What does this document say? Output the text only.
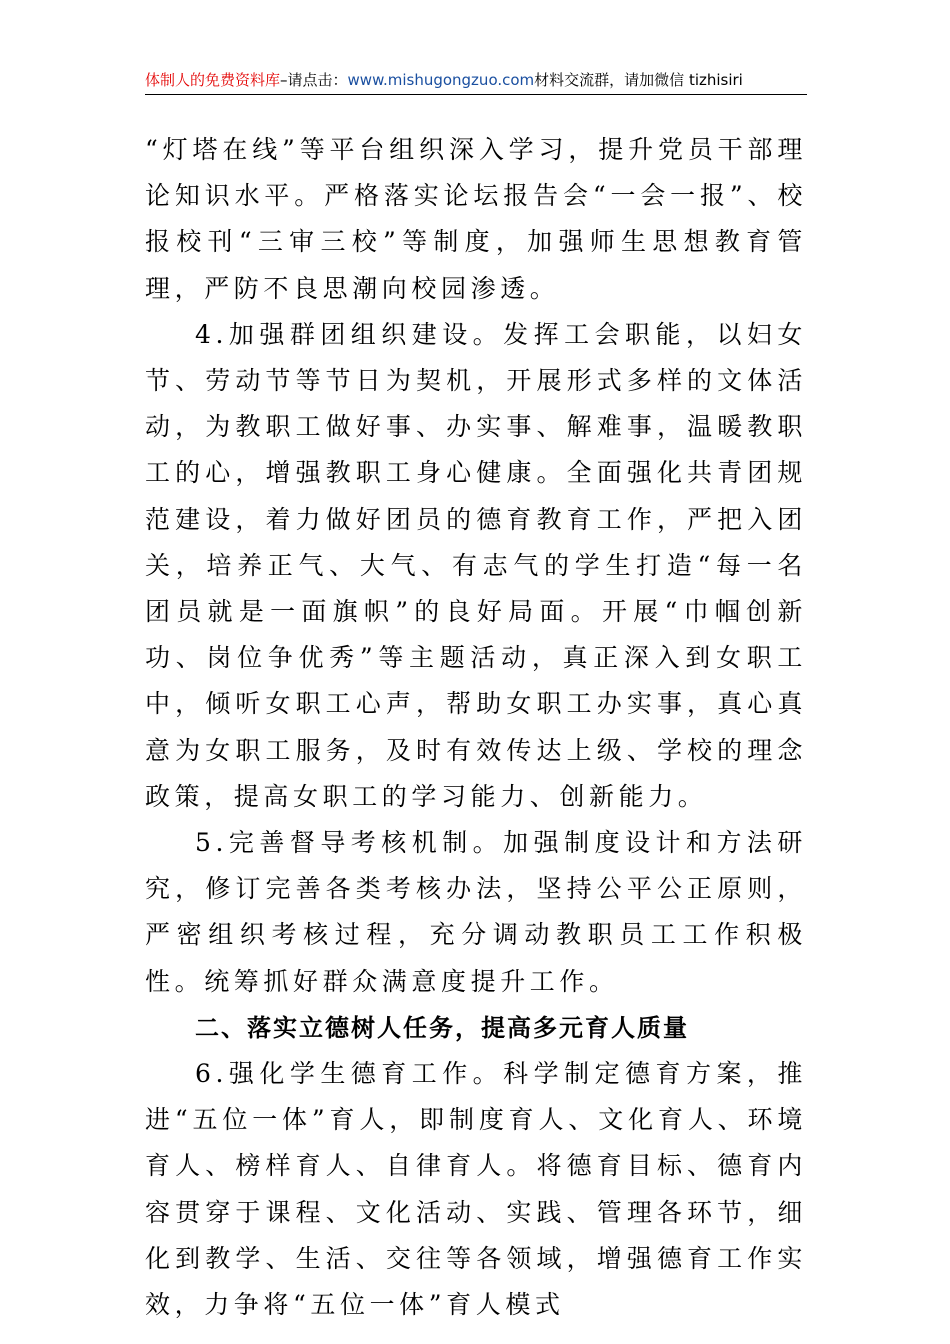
体制人的免费资料库–请点击：www.mishugongzuo.com材料交流群，请加微信 tizhisiri

“灯塔在线”等平台组织深入学习，提升党员干部理论知识水平。严格落实论坛报告会“一会一报”、校报校刊“三审三校”等制度，加强师生思想教育管理，严防不良思潮向校园渗透。

4.加强群团组织建设。发挥工会职能，以妇女节、劳动节等节日为契机，开展形式多样的文体活动，为教职工做好事、办实事、解难事，温暖教职工的心，增强教职工身心健康。全面强化共青团规范建设，着力做好团员的德育教育工作，严把入团关，培养正气、大气、有志气的学生打造“每一名团员就是一面旗帜”的良好局面。开展“巾帼创新功、岗位争优秀”等主题活动，真正深入到女职工中，倾听女职工心声，帮助女职工办实事，真心真意为女职工服务，及时有效传达上级、学校的理念政策，提高女职工的学习能力、创新能力。

5.完善督导考核机制。加强制度设计和方法研究，修订完善各类考核办法，坚持公平公正原则，严密组织考核过程，充分调动教职员工工作积极性。统筹抓好群众满意度提升工作。

二、落实立德树人任务，提高多元育人质量

6.强化学生德育工作。科学制定德育方案，推进“五位一体”育人，即制度育人、文化育人、环境育人、榜样育人、自律育人。将德育目标、德育内容贯穿于课程、文化活动、实践、管理各环节，细化到教学、生活、交往等各领域，增强德育工作实效，力争将“五位一体”育人模式
